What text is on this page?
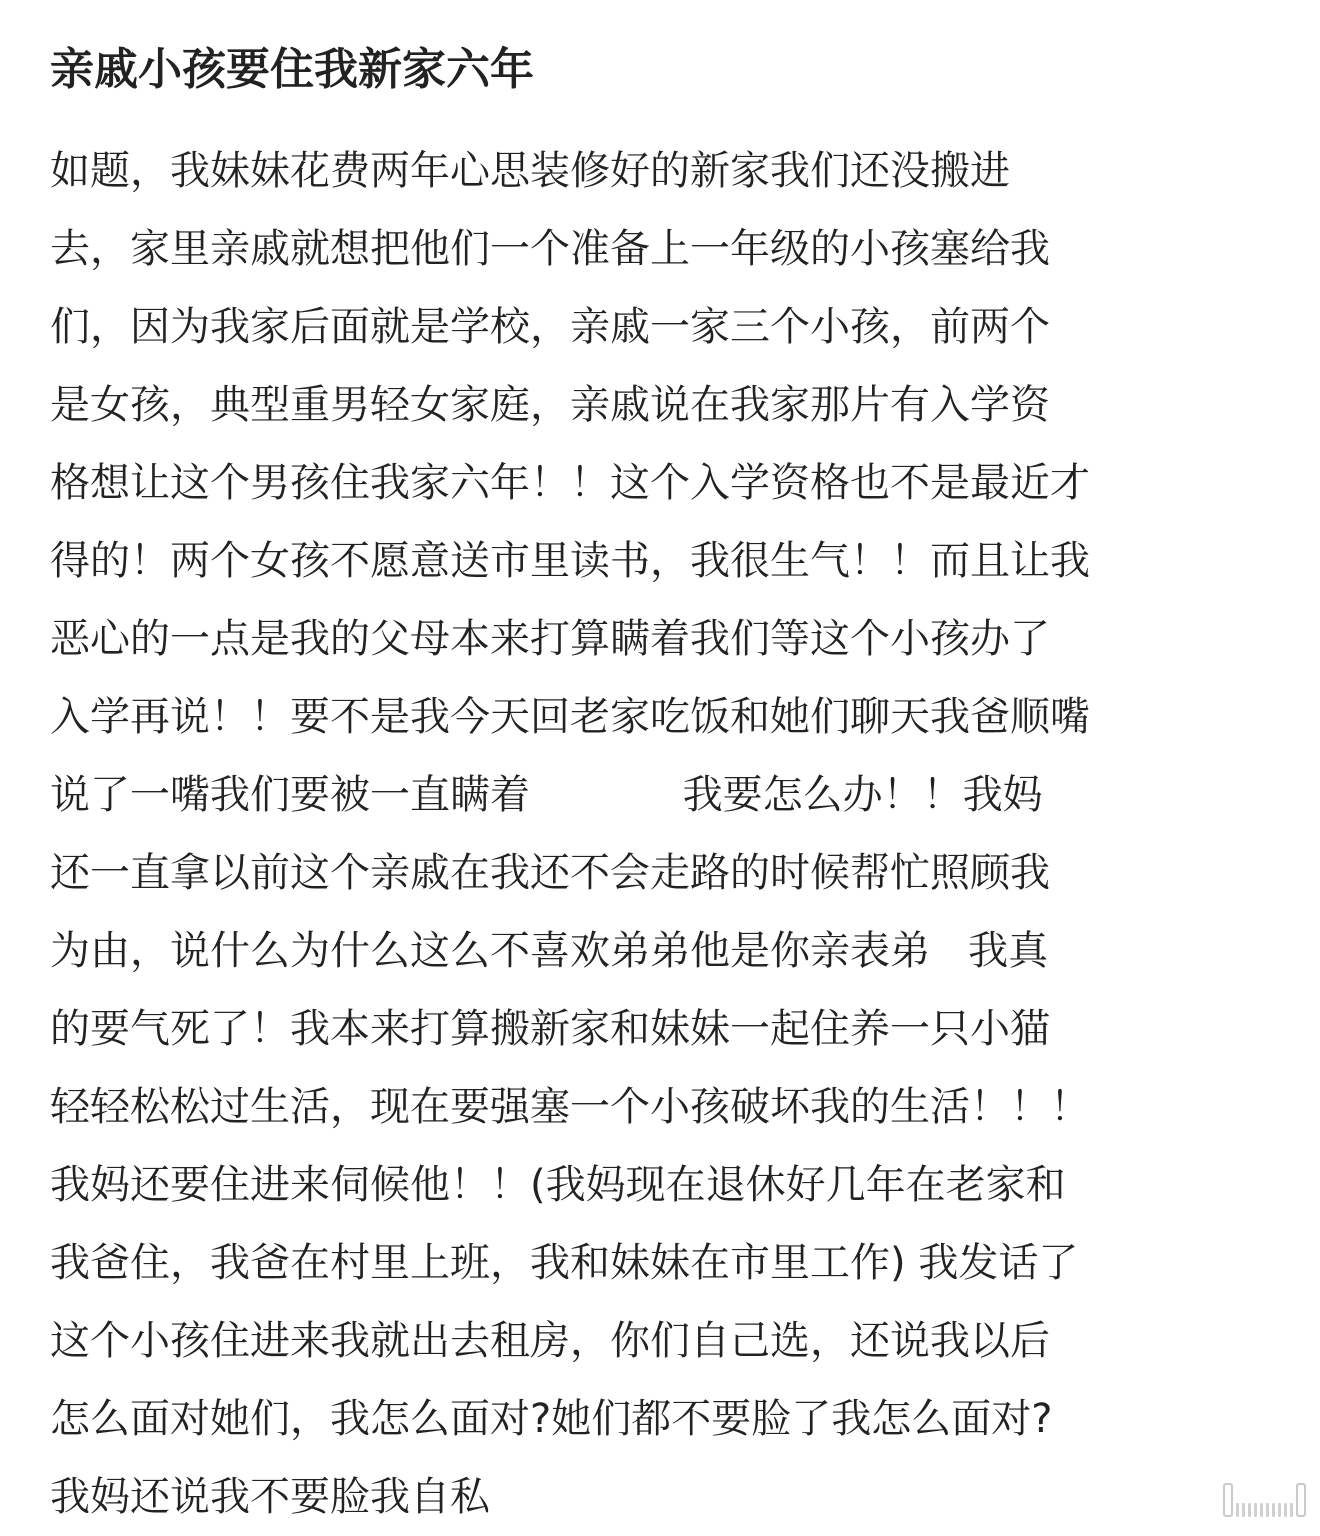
亲戚小孩要住我新家六年
如题，我妹妹花费两年心思装修好的新家我们还没搬进
去，家里亲戚就想把他们一个准备上一年级的小孩塞给我
们，因为我家后面就是学校，亲戚一家三个小孩，前两个
是女孩，典型重男轻女家庭，亲戚说在我家那片有入学资
格想让这个男孩住我家六年！！这个入学资格也不是最近才
得的！两个女孩不愿意送市里读书，我很生气！！而且让我
恶心的一点是我的父母本来打算瞒着我们等这个小孩办了
入学再说！！要不是我今天回老家吃饭和她们聊天我爸顺嘴
说了一嘴我们要被一直瞒着            我要怎么办！！我妈
还一直拿以前这个亲戚在我还不会走路的时候帮忙照顾我
为由，说什么为什么这么不喜欢弟弟他是你亲表弟   我真
的要气死了！我本来打算搬新家和妹妹一起住养一只小猫
轻轻松松过生活，现在要强塞一个小孩破坏我的生活！！！
我妈还要住进来伺候他！！(我妈现在退休好几年在老家和
我爸住，我爸在村里上班，我和妹妹在市里工作) 我发话了
这个小孩住进来我就出去租房，你们自己选，还说我以后
怎么面对她们，我怎么面对?她们都不要脸了我怎么面对?
我妈还说我不要脸我自私
